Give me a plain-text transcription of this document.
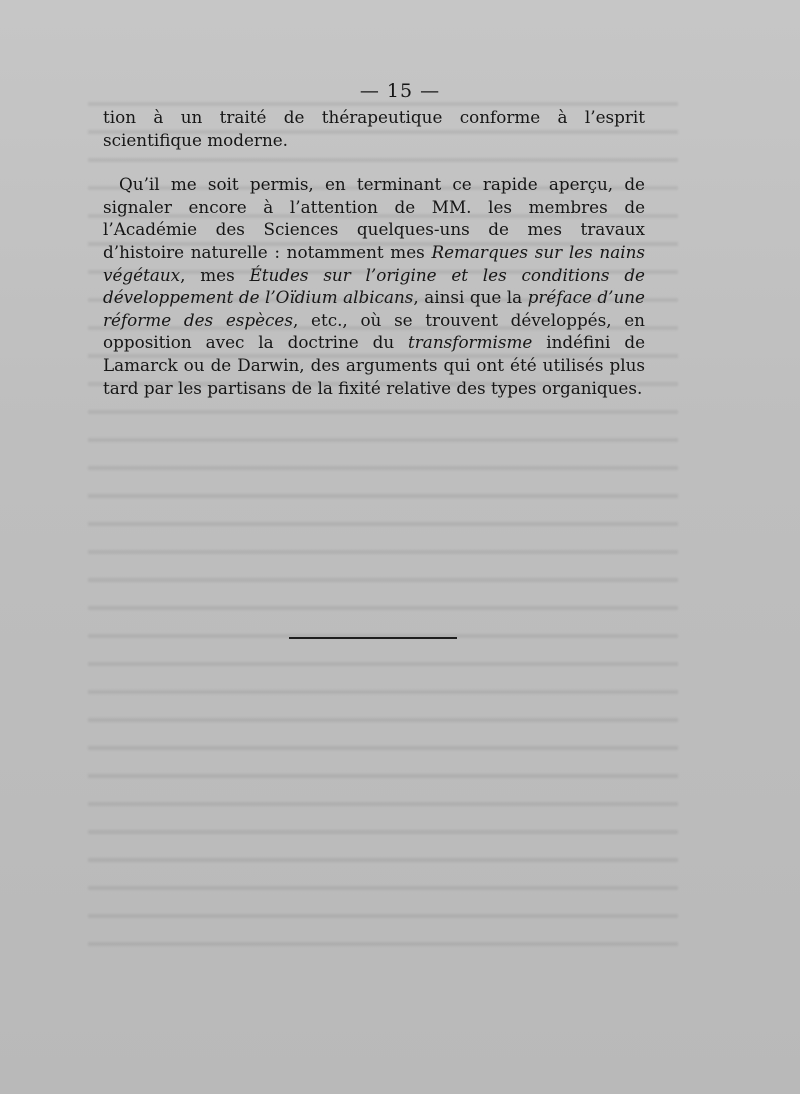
— 15 —

tion à un traité de thérapeutique conforme à l’esprit scientifique moderne.

Qu’il me soit permis, en terminant ce rapide aperçu, de signaler encore à l’attention de MM. les membres de l’Académie des Sciences quelques-uns de mes travaux d’histoire naturelle : notamment mes Remarques sur les nains végétaux, mes Études sur l’origine et les conditions de développement de l’Oïdium albicans, ainsi que la préface d’une réforme des espèces, etc., où se trouvent développés, en opposition avec la doctrine du transformisme indéfini de Lamarck ou de Darwin, des arguments qui ont été utilisés plus tard par les partisans de la fixité relative des types organiques.
